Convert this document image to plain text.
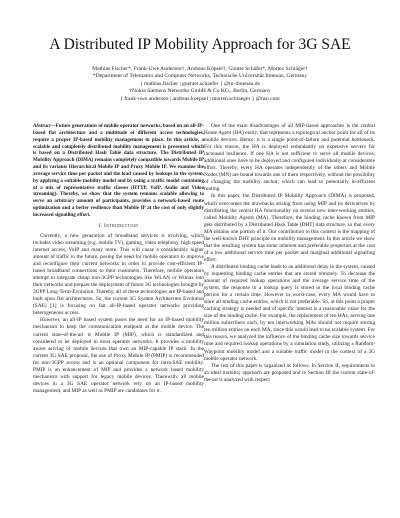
A Distributed IP Mobility Approach for 3G SAE
Mathias Fischer*, Frank-Uwe Andersen†, Andreas Köpsel†, Günter Schäfer*, Mortez Schläger†
*Department of Telematics and Computer Networks, Technische Universität Ilmenau, Germany
{ mathias.fischer | guenter.schaefer } @tu-ilmenau.de
†Nokia Siemens Networks GmbH & Co KG., Berlin, Germany
{ frank-uwe.andersen | andreas.koepsel | morten.schlaeger } @nsn.com
Abstract—Future generations of mobile operator networks, based on an all-IP-based flat architecture and a multitude of different access technologies, require a proper IP-based mobility management in place. In this article, a scalable and completely distributed mobility management is presented which is based on a Distributed Hash Table data structure. The Distributed IP Mobility Approach (DIMA) remains completely compatible towards Mobile IP and its variants Hierarchical Mobile IP and Proxy Mobile IP. We examine the average service time per packet and the load caused by lookups in the system, by applying a suitable mobility model and by using a traffic model containing of a mix of representative traffic classes (HTTP, VoIP, Audio and Video streaming). Thereby, we show that the system remains scalable allowing to serve an arbitrary amount of participants, provides a network-based route optimization and a better resilience than Mobile IP at the cost of only slightly increased signalling effort.
I. Introduction

Currently, a new generation of broadband services is evolving, which includes video streaming (e.g. mobile TV), gaming, video telephony, high speed internet access, VoIP and many more. This will cause a considerably higher amount of traffic in the future, posing the need for mobile operators to improve and reconfigure their current networks in order to provide cost-efficient IP-based broadband connections to their customers. Therefore, mobile operators attempt to integrate cheap non-3GPP technologies like WLAN or Wimax into their networks and prepare the deployment of future 3G technologies brought by 3GPP Long-Term-Evolution. Thereby, all of these technologies are IP-based and built upon flat architectures. So, the current 3G System Architecture Evolution (SAE) [1] is focusing on flat all-IP-based operator networks providing heterogeneous access.

However, an all-IP based system poses the need for an IP-based mobility mechanism to keep the communication endpoint at the mobile device. The current state-of-the-art is Mobile IP (MIP), which is standardized and considered to be deployed in most operator networks. It provides a mobility aware serving of mobile devices that own an MIP-capable IP stack. In the current 3G SAE proposal, the use of Proxy Mobile IP (PMIP) is recommended for non-3GPP access and is an optional component for intra-SAE mobility. PMIP is an enhancement of MIP and provides a network based mobility mechanism with support for legacy mobile devices. Therewith, all mobile devices in a 3G SAE operator network rely on an IP-based mobility management, and MIP as well as PMIP are candidates for it.

One of the main disadvantages of all MIP-based approaches is the central Home Agent (HA) entity, that represents a topological anchor point for all of its mobile devices. Hence, it is a single point-of-failure and potential bottleneck. For this reason, the HA is deployed redundantly on expensive servers for increased resilience. If one HA is not sufficient to serve all mobile devices, additional ones have to be deployed and configured individually at considerable effort. Thereby, every HA operates independently of the others and Mobile Nodes (MN) are bound towards one of them respectively, without the possibility of changing the mobility anchor, which can lead to potentially in-efficient routing.

In this paper, the Distributed IP Mobility Approach (DIMA) is proposed, which overcomes the drawbacks arising from using MIP and its derivatives by distributing the central HA functionality on several new inter-working entities, called Mobility Agents (MA). Therefore, the binding cache known from MIP gets distributed by a Distributed Hash Table (DHT) data structure, so that every MA obtains one portion of it. Our contribution in this context is the mapping of the well-known DHT principle on mobility management. In this article we show that the resulting system has some inherent and preferable properties at the cost of a low additional service time per packet and marginal additional signalling effort.

A distributed binding cache leads to an additional delay in the system, caused by requesting binding cache entries that are stored remotely. To decrease the amount of required lookup operations and the average service time of the system, the response to a lookup query is stored in the local binding cache portion for a certain time. However in worst-case, every MA would have to store all binding cache entries, which is not preferable. So, at this point a proper caching strategy is needed and of specific interest is a reasonable value for the size of the binding cache. For example, the replacement of ten HAs, serving one million subscribers each, by ten interworking MAs should not require storing ten million entries on each MA, since this would lead to no scalable system. For this reason, we analyzed the influence of the binding cache size towards service time and required lookup operations by a simulation study, utilizing a Random-Waypoint mobility model and a suitable traffic model in the context of a 3G mobile operator network.

The rest of this paper is organized as follows. In Section II, requirements to an ideal mobility approach are proposed and in Section III the current state-of-the-art is analyzed with respect
